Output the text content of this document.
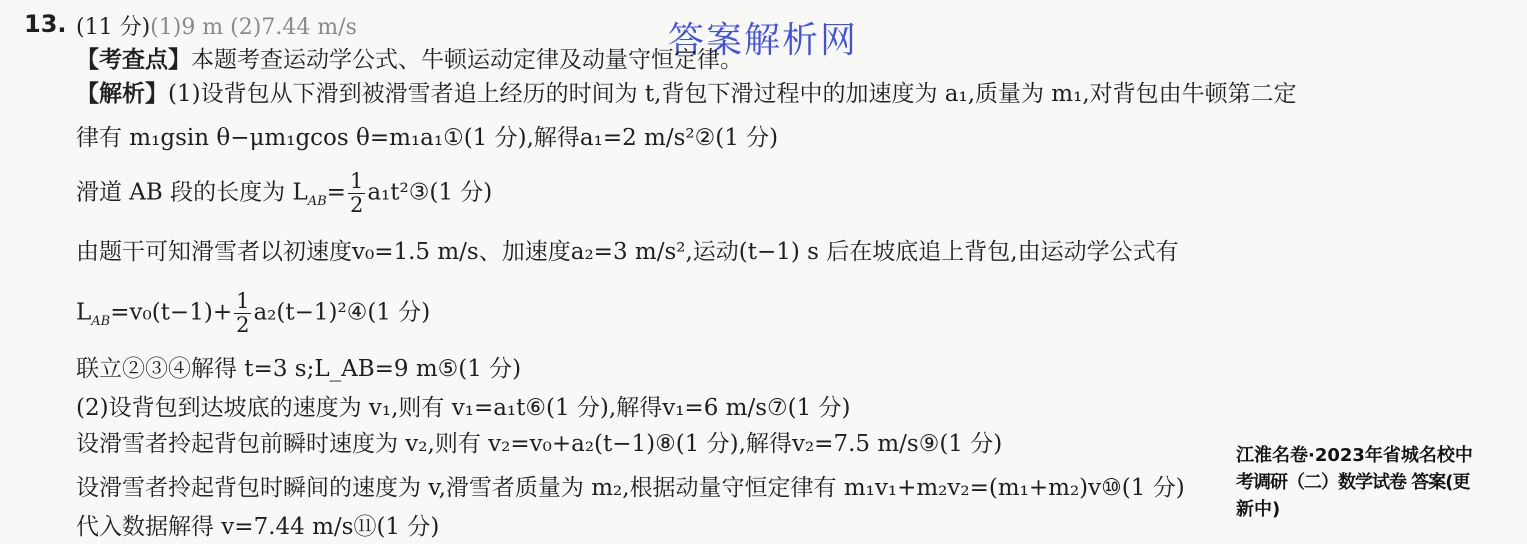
13. (11 分)(1)9 m (2)7.44 m/s	答案解析网
【考查点】本题考查运动学公式、牛顿运动定律及动量守恒定律。
【解析】(1)设背包从下滑到被滑雪者追上经历的时间为 t,背包下滑过程中的加速度为 a₁,质量为 m₁,对背包由牛顿第二定
律有 m₁gsin θ−μm₁gcos θ=m₁a₁①(1 分),解得a₁=2 m/s²②(1 分)
滑道 AB 段的长度为 $L_{AB}= \frac{1}{2}$ a₁t²③(1 分)
由题干可知滑雪者以初速度v₀=1.5 m/s、加速度a₂=3 m/s²,运动(t−1) s 后在坡底追上背包,由运动学公式有
$L_{AB}=v_0(t-1)+ \frac{1}{2}$ a₂(t−1)²④(1 分)
联立②③④解得 t=3 s;L_AB=9 m⑤(1 分)
(2)设背包到达坡底的速度为 v₁,则有 v₁=a₁t⑥(1 分),解得v₁=6 m/s⑦(1 分)
设滑雪者拎起背包前瞬时速度为 v₂,则有 v₂=v₀+a₂(t−1)⑧(1 分),解得v₂=7.5 m/s⑨(1 分)
设滑雪者拎起背包时瞬间的速度为 v,滑雪者质量为 m₂,根据动量守恒定律有 m₁v₁+m₂v₂=(m₁+m₂)v⑩(1 分)
代入数据解得 v=7.44 m/s⑪(1 分)
江淮名卷·2023年省城名校中
考调研（二）数学试卷 答案(更
新中)
